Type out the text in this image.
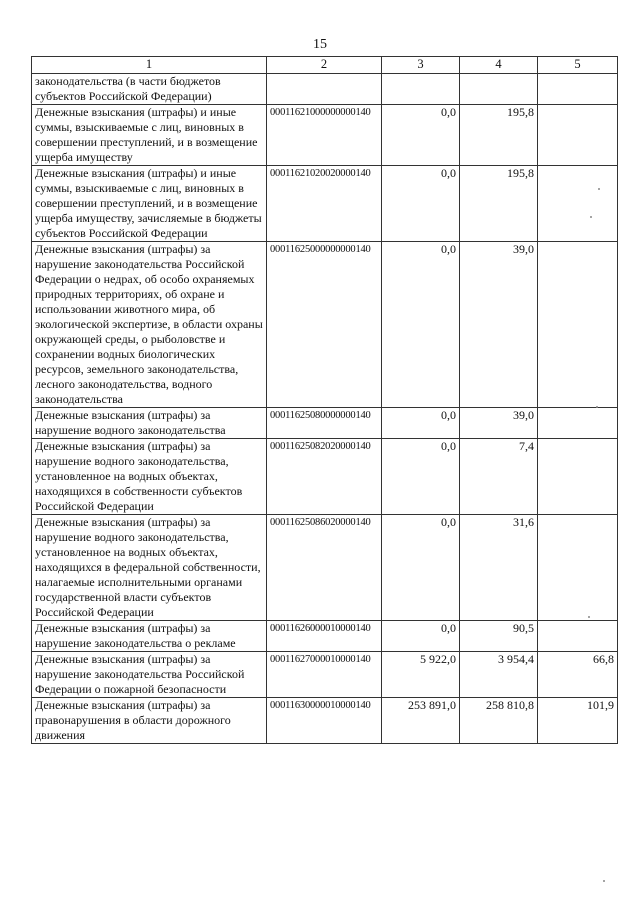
15
1	2	3	4	5
законодательства (в части бюджетов субъектов Российской Федерации)				
Денежные взыскания (штрафы) и иные суммы, взыскиваемые с лиц, виновных в совершении преступлений, и в возмещение ущерба имуществу	00011621000000000140	0,0	195,8	
Денежные взыскания (штрафы) и иные суммы, взыскиваемые с лиц, виновных в совершении преступлений, и в возмещение ущерба имуществу, зачисляемые в бюджеты субъектов Российской Федерации	00011621020020000140	0,0	195,8	
Денежные взыскания (штрафы) за нарушение законодательства Российской Федерации о недрах, об особо охраняемых природных территориях, об охране и использовании животного мира, об экологической экспертизе, в области охраны окружающей среды, о рыболовстве и сохранении водных биологических ресурсов, земельного законодательства, лесного законодательства, водного законодательства	00011625000000000140	0,0	39,0	
Денежные взыскания (штрафы) за нарушение водного законодательства	00011625080000000140	0,0	39,0	
Денежные взыскания (штрафы) за нарушение водного законодательства, установленное на водных объектах, находящихся в собственности субъектов Российской Федерации	00011625082020000140	0,0	7,4	
Денежные взыскания (штрафы) за нарушение водного законодательства, установленное на водных объектах, находящихся в федеральной собственности, налагаемые исполнительными органами государственной власти субъектов Российской Федерации	00011625086020000140	0,0	31,6	
Денежные взыскания (штрафы) за нарушение законодательства о рекламе	00011626000010000140	0,0	90,5	
Денежные взыскания (штрафы) за нарушение законодательства Российской Федерации о пожарной безопасности	00011627000010000140	5 922,0	3 954,4	66,8
Денежные взыскания (штрафы) за правонарушения в области дорожного движения	00011630000010000140	253 891,0	258 810,8	101,9
